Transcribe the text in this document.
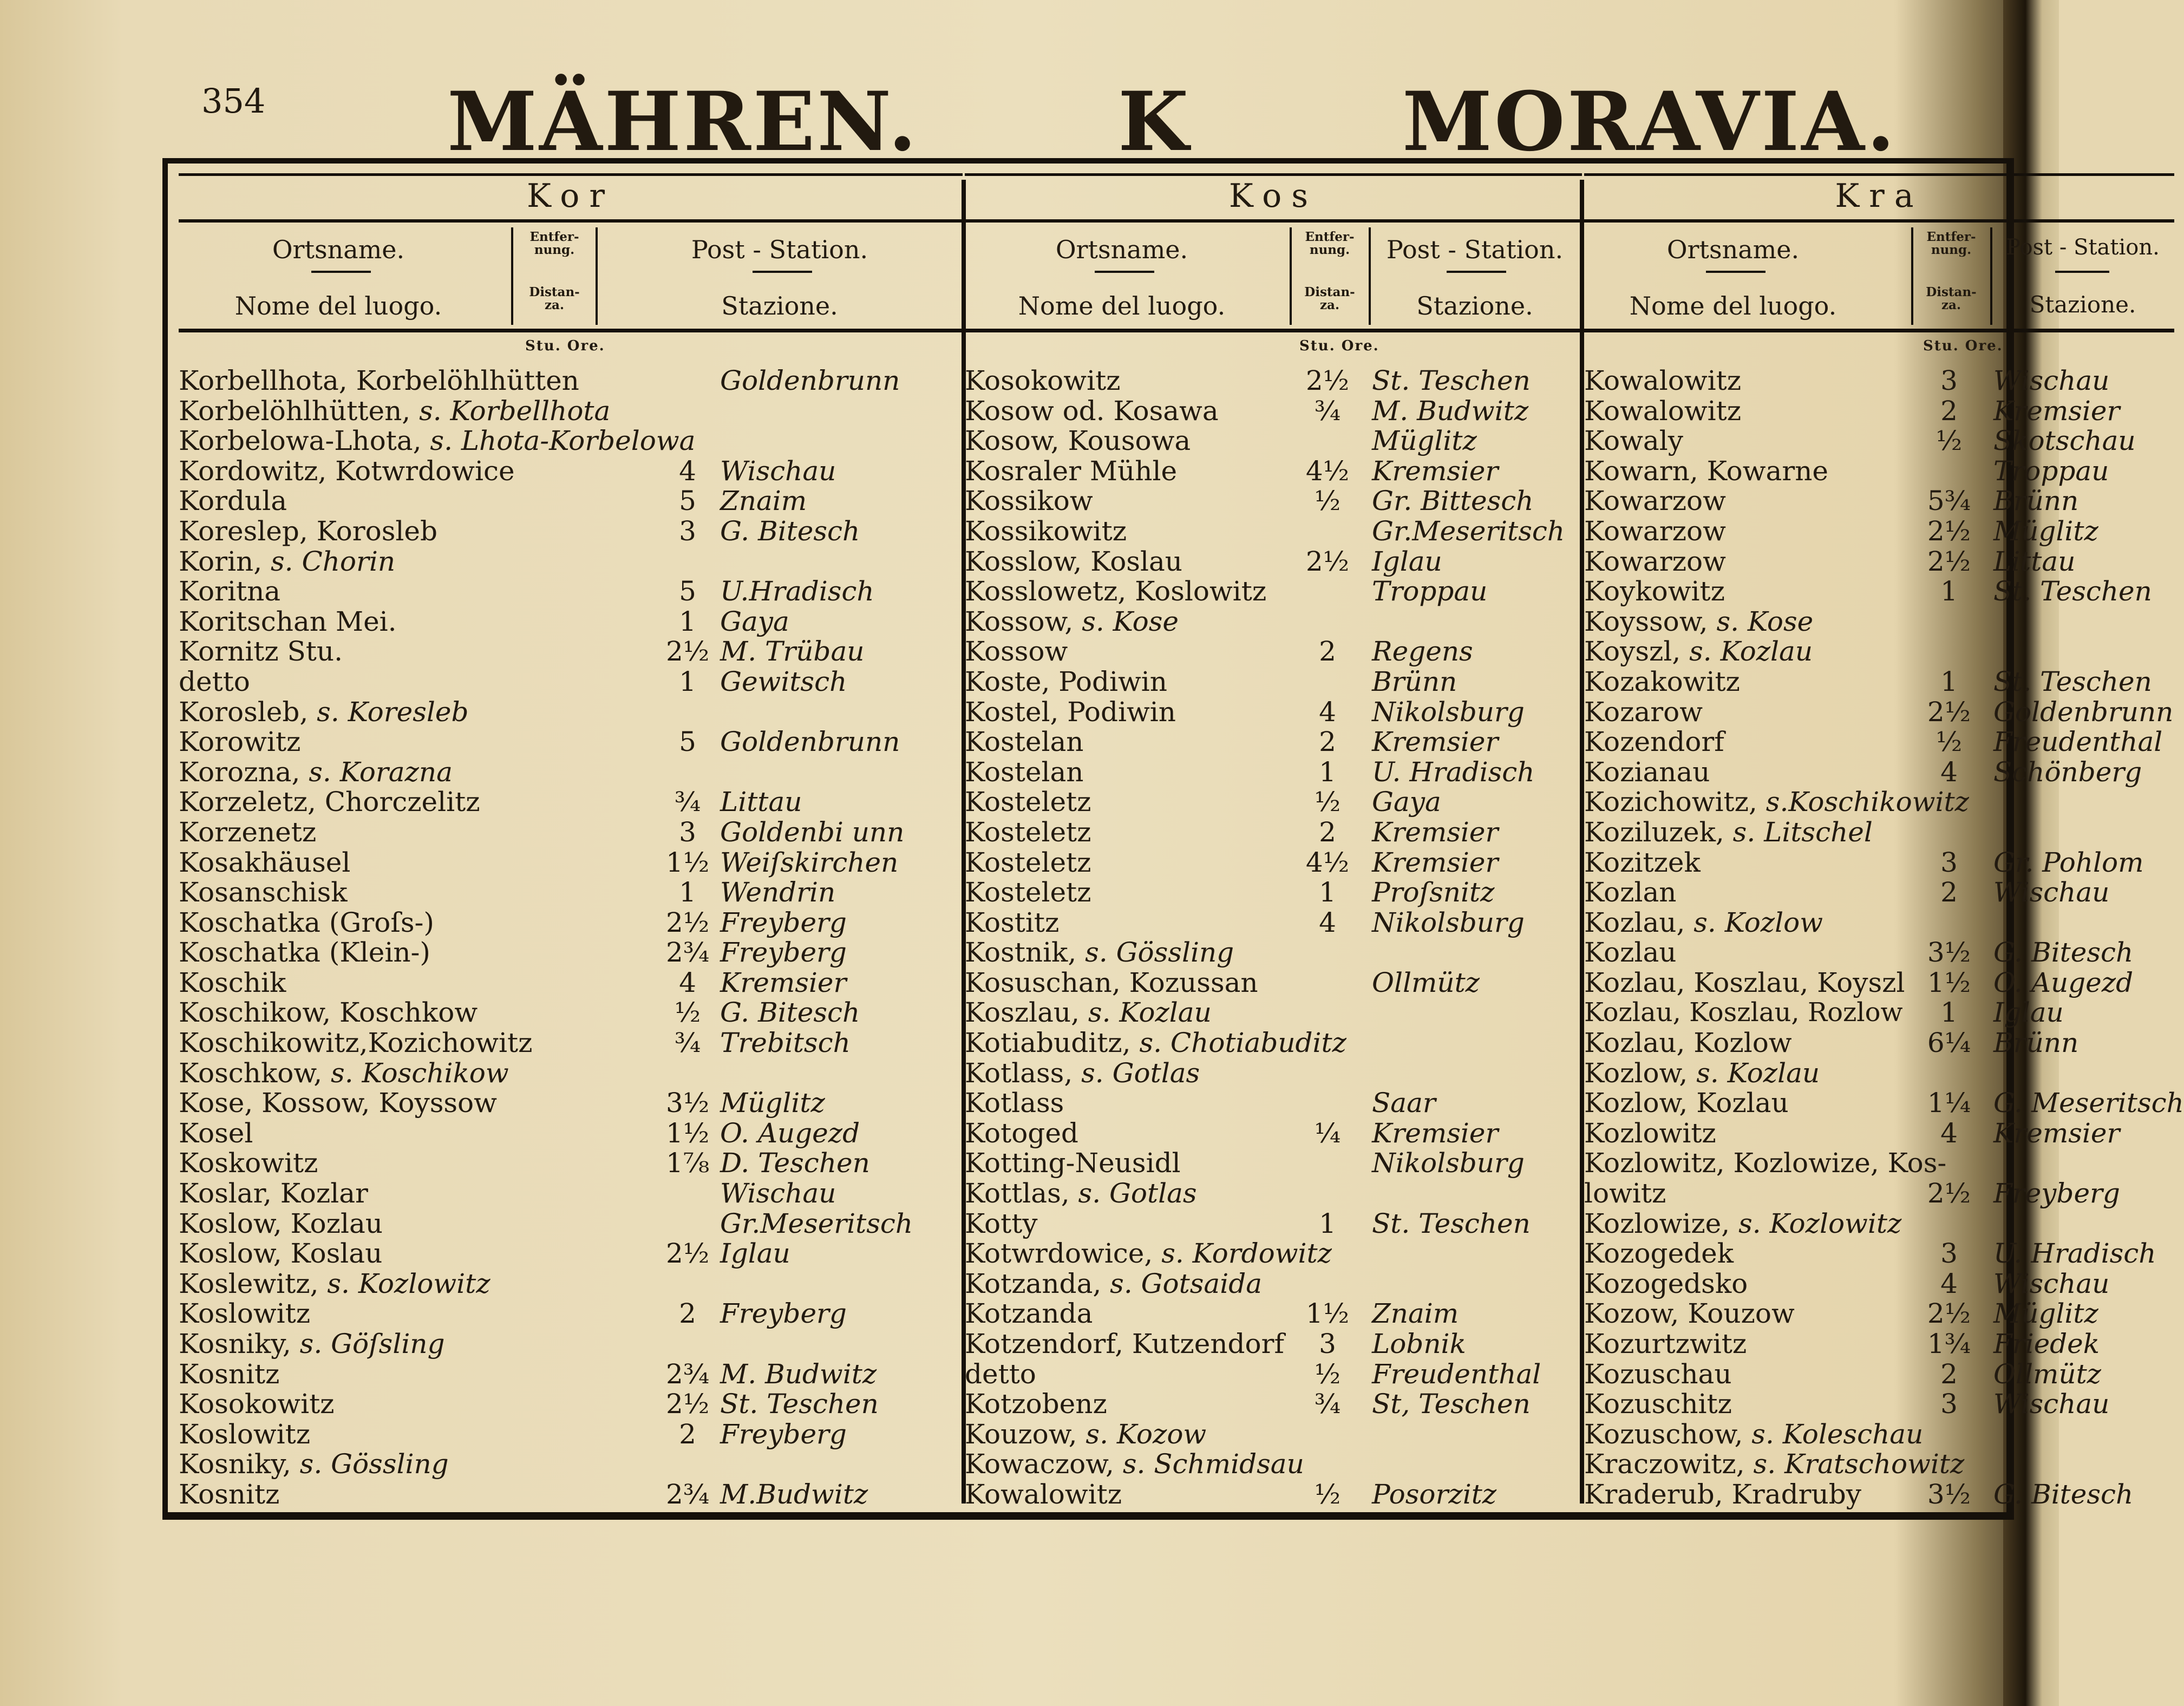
354 MÄHREN. K	MORAVIA.
Kor
Ortsname.
Nome del luogo.
Entfer-
nung.
Distan-
za.
Post - Station.
Stazione.
Stu. Ore.
Korbellhota, Korbelöhlhütten	Goldenbrunn
Korbelöhlhütten, s. Korbellhota
Korbelowa-Lhota, s. Lhota-Korbelowa
Kordowitz, Kotwrdowice	4 Wischau
Kordula	5 Znaim
Koreslep, Korosleb	3 G. Bitesch
Korin, s. Chorin
Koritna	5 U.Hradisch
Koritschan Mei.	1 Gaya
Kornitz Stu.	2½ M. Trübau
detto	1 Gewitsch
Korosleb, s. Koresleb
Korowitz	5 Goldenbrunn
Korozna, s. Korazna
Korzeletz, Chorczelitz	¾ Littau
Korzenetz	3 Goldenbi unn
Kosakhäusel	1½ Weiſskirchen
Kosanschisk	1 Wendrin
Koschatka (Groſs-)	2½ Freyberg
Koschatka (Klein-)	2¾ Freyberg
Koschik	4 Kremsier
Koschikow, Koschkow	½ G. Bitesch
Koschikowitz,Kozichowitz	¾ Trebitsch
Koschkow, s. Koschikow
Kose, Kossow, Koyssow	3½ Müglitz
Kosel	1½ O. Augezd
Koskowitz	1⅞ D. Teschen
Koslar, Kozlar	Wischau
Koslow, Kozlau	Gr.Meseritsch
Koslow, Koslau	2½ Iglau
Koslewitz, s. Kozlowitz
Koslowitz	2 Freyberg
Kosniky, s. Göſsling
Kosnitz	2¾ M. Budwitz
Kosokowitz	2½ St. Teschen
Koslowitz	2 Freyberg
Kosniky, s. Gössling
Kosnitz	2¾ M.Budwitz
Kos
Ortsname.
Nome del luogo.
Entfer-
nung.
Distan-
za.
Post - Station.
Stazione.
Stu. Ore.
Kosokowitz	2½ St. Teschen
Kosow od. Kosawa	¾	M. Budwitz
Kosow, Kousowa	Müglitz
Kosraler Mühle	4½ Kremsier
Kossikow	½	Gr. Bittesch
Kossikowitz	Gr.Meseritsch
Kosslow, Koslau	2½ Iglau
Kosslowetz, Koslowitz	Troppau
Kossow, s. Kose
Kossow	2	Regens
Koste, Podiwin	Brünn
Kostel, Podiwin	4	Nikolsburg
Kostelan	2	Kremsier
Kostelan	1	U. Hradisch
Kosteletz	½	Gaya
Kosteletz	2	Kremsier
Kosteletz	4½ Kremsier
Kosteletz	1	Proſsnitz
Kostitz	4	Nikolsburg
Kostnik, s. Gössling
Kosuschan, Kozussan	Ollmütz
Koszlau, s. Kozlau
Kotiabuditz, s. Chotiabuditz
Kotlass, s. Gotlas
Kotlass	Saar
Kotoged	¼	Kremsier
Kotting-Neusidl	Nikolsburg
Kottlas, s. Gotlas
Kotty	1	St. Teschen
Kotwrdowice, s. Kordowitz
Kotzanda, s. Gotsaida
Kotzanda	1½ Znaim
Kotzendorf, Kutzendorf	3	Lobnik
detto	½	Freudenthal
Kotzobenz	¾	St, Teschen
Kouzow, s. Kozow
Kowaczow, s. Schmidsau
Kowalowitz	½	Posorzitz
Kra
Ortsname.
Nome del luogo.
Entfer-
nung.
Distan-
za.
Post - Station.
Stazione.
Stu. Ore.
Kowalowitz	3	Wischau
Kowalowitz	2	Kremsier
Kowaly	½	Skotschau
Kowarn, Kowarne	Troppau
Kowarzow	5¾ Brünn
Kowarzow	2½ Müglitz
Kowarzow	2½ Littau
Koykowitz	1	St. Teschen
Koyssow, s. Kose
Koyszl, s. Kozlau
Kozakowitz	1	St. Teschen
Kozarow	2½ Goldenbrunn
Kozendorf	½	Freudenthal
Kozianau	4	Schönberg
Kozichowitz, s.Koschikowitz
Koziluzek, s. Litschel
Kozitzek	3	Gr. Pohlom
Kozlan	2	Wischau
Kozlau, s. Kozlow
Kozlau	3½ G. Bitesch
Kozlau, Koszlau, Koyszl 1½ O. Augezd
Kozlau, Koszlau, Rozlow	1	Iglau
Kozlau, Kozlow	6¼ Brünn
Kozlow, s. Kozlau
Kozlow, Kozlau	1¼ G. Meseritsch
Kozlowitz	4	Kremsier
Kozlowitz, Kozlowize, Kos-
lowitz	2½ Freyberg
Kozlowize, s. Kozlowitz
Kozogedek	3	U. Hradisch
Kozogedsko	4	Wischau
Kozow, Kouzow	2½ Müglitz
Kozurtzwitz	1¾ Friedek
Kozuschau	2	Ollmütz
Kozuschitz	3	Wischau
Kozuschow, s. Koleschau
Kraczowitz, s. Kratschowitz
Kraderub, Kradruby	3½ G. Bitesch
